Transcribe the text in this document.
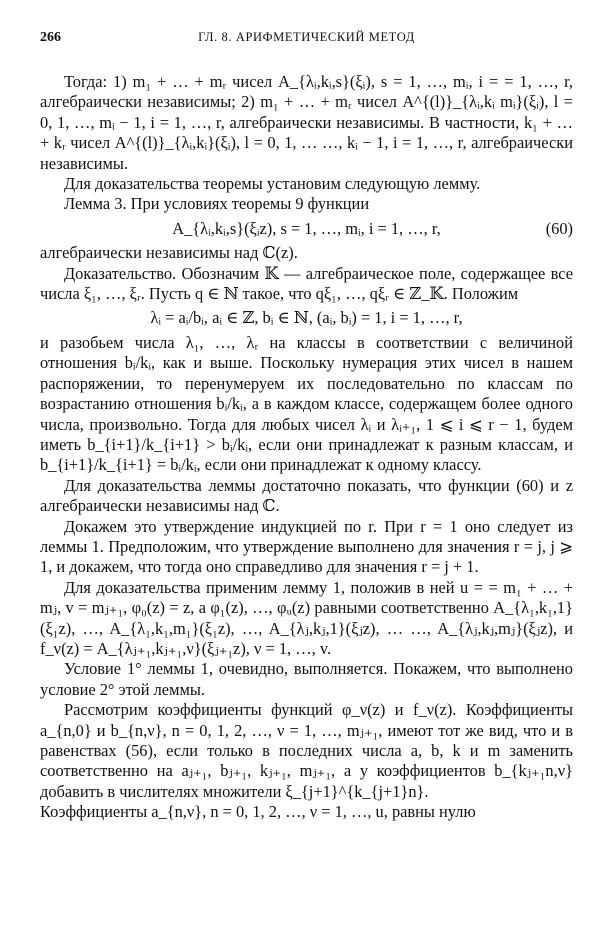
266	ГЛ. 8. АРИФМЕТИЧЕСКИЙ МЕТОД

Тогда: 1) m₁ + … + mᵣ чисел A_{λᵢ,kᵢ,s}(ξᵢ), s = 1, …, mᵢ, i = = 1, …, r, алгебраически независимы; 2) m₁ + … + mᵣ чисел A^{(l)}_{λᵢ,kᵢ mᵢ}(ξᵢ), l = 0, 1, …, mᵢ − 1, i = 1, …, r, алгебраически независимы. В частности, k₁ + … + kᵣ чисел A^{(l)}_{λᵢ,kᵢ}(ξᵢ), l = 0, 1, … …, kᵢ − 1, i = 1, …, r, алгебраически независимы.

Для доказательства теоремы установим следующую лемму.

Лемма 3. При условиях теоремы 9 функции

A_{λᵢ,kᵢ,s}(ξᵢz), s = 1, …, mᵢ, i = 1, …, r,	(60)

алгебраически независимы над ℂ(z).

Доказательство. Обозначим 𝕂 — алгебраическое поле, содержащее все числа ξ₁, …, ξᵣ. Пусть q ∈ ℕ такое, что qξ₁, …, qξᵣ ∈ ℤ_𝕂. Положим

λᵢ = aᵢ/bᵢ, aᵢ ∈ ℤ, bᵢ ∈ ℕ, (aᵢ, bᵢ) = 1, i = 1, …, r,

и разобьем числа λ₁, …, λᵣ на классы в соответствии с величиной отношения bᵢ/kᵢ, как и выше. Поскольку нумерация этих чисел в нашем распоряжении, то перенумеруем их последовательно по классам по возрастанию отношения bᵢ/kᵢ, а в каждом классе, содержащем более одного числа, произвольно. Тогда для любых чисел λᵢ и λᵢ₊₁, 1 ⩽ i ⩽ r − 1, будем иметь b_{i+1}/k_{i+1} > bᵢ/kᵢ, если они принадлежат к разным классам, и b_{i+1}/k_{i+1} = bᵢ/kᵢ, если они принадлежат к одному классу.

Для доказательства леммы достаточно показать, что функции (60) и z алгебраически независимы над ℂ.

Докажем это утверждение индукцией по r. При r = 1 оно следует из леммы 1. Предположим, что утверждение выполнено для значения r = j, j ⩾ 1, и докажем, что тогда оно справедливо для значения r = j + 1.

Для доказательства применим лемму 1, положив в ней u = = m₁ + … + mⱼ, v = mⱼ₊₁, φ₀(z) = z, а φ₁(z), …, φᵤ(z) равными соответственно A_{λ₁,k₁,1}(ξ₁z), …, A_{λ₁,k₁,m₁}(ξ₁z), …, A_{λⱼ,kⱼ,1}(ξⱼz), … …, A_{λⱼ,kⱼ,mⱼ}(ξⱼz), и f_ν(z) = A_{λⱼ₊₁,kⱼ₊₁,ν}(ξⱼ₊₁z), ν = 1, …, v.

Условие 1° леммы 1, очевидно, выполняется. Покажем, что выполнено условие 2° этой леммы.

Рассмотрим коэффициенты функций φ_ν(z) и f_ν(z). Коэффициенты a_{n,0} и b_{n,ν}, n = 0, 1, 2, …, ν = 1, …, mⱼ₊₁, имеют тот же вид, что и в равенствах (56), если только в последних числа a, b, k и m заменить соответственно на aⱼ₊₁, bⱼ₊₁, kⱼ₊₁, mⱼ₊₁, а у коэффициентов b_{kⱼ₊₁n,ν} добавить в числителях множители ξ_{j+1}^{k_{j+1}n}.

Коэффициенты a_{n,ν}, n = 0, 1, 2, …, ν = 1, …, u, равны нулю
